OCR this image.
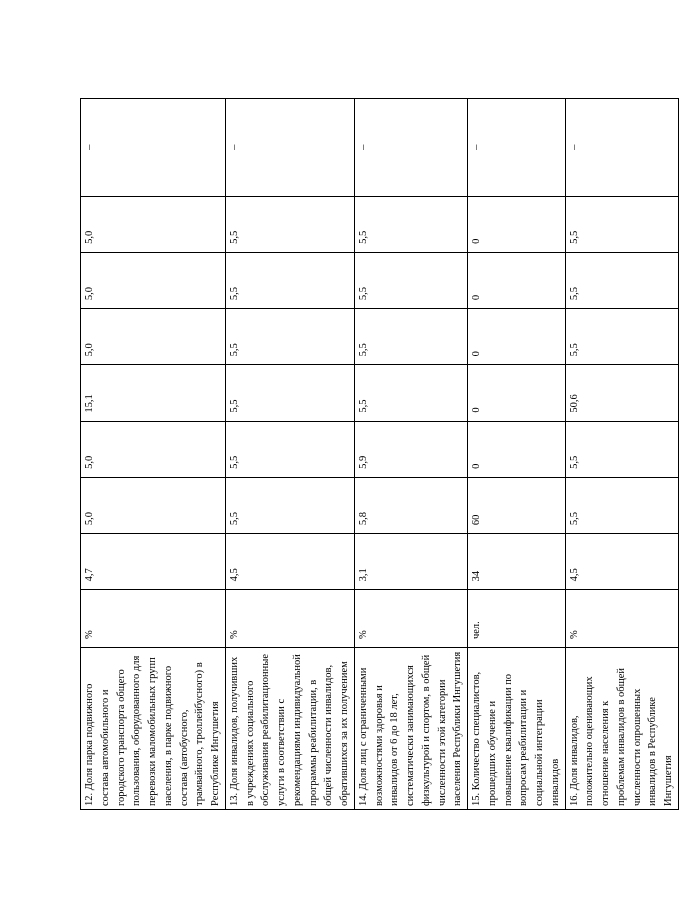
12. Доля парка подвижного состава автомобильного и городского транспорта общего пользования, оборудованного для перевозки маломобильных групп населения, в парке подвижного состава (автобусного, трамвайного, троллейбусного) в Республике Ингушетия	%	4,7	5,0	5,0	15,1	5,0	5,0	5,0	–
13. Доля инвалидов, получивших в учреждениях социального обслуживания реабилитационные услуги в соответствии с рекомендациями индивидуальной программы реабилитации, в общей численности инвалидов, обратившихся за их получением	%	4,5	5,5	5,5	5,5	5,5	5,5	5,5	–
14. Доля лиц с ограниченными возможностями здоровья и инвалидов от 6 до 18 лет, систематически занимающихся физкультурой и спортом, в общей численности этой категории населения Республики Ингушетия	%	3,1	5,8	5,9	5,5	5,5	5,5	5,5	–
15. Количество специалистов, прошедших обучение и повышение квалификации по вопросам реабилитации и социальной интеграции инвалидов	чел.	34	60	0	0	0	0	0	–
16. Доля инвалидов, положительно оценивающих отношение населения к проблемам инвалидов в общей численности опрошенных инвалидов в Республике Ингушетия	%	4,5	5,5	5,5	50,6	5,5	5,5	5,5	–
